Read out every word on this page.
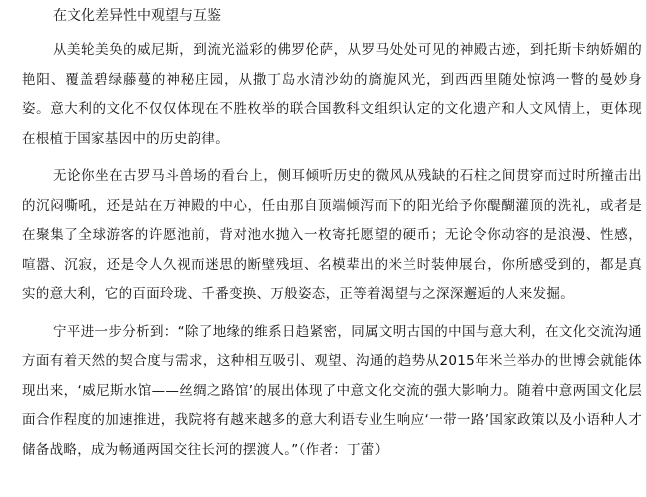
在文化差异性中观望与互鉴

从美轮美奂的威尼斯，到流光溢彩的佛罗伦萨，从罗马处处可见的神殿古迹，到托斯卡纳娇媚的艳阳、覆盖碧绿藤蔓的神秘庄园，从撒丁岛水清沙幼的旖旎风光，到西西里随处惊鸿一瞥的曼妙身姿。意大利的文化不仅仅体现在不胜枚举的联合国教科文组织认定的文化遗产和人文风情上，更体现在根植于国家基因中的历史韵律。

无论你坐在古罗马斗兽场的看台上，侧耳倾听历史的微风从残缺的石柱之间贯穿而过时所撞击出的沉闷嘶吼，还是站在万神殿的中心，任由那自顶端倾泻而下的阳光给予你醍醐灌顶的洗礼，或者是在聚集了全球游客的许愿池前，背对池水抛入一枚寄托愿望的硬币；无论令你动容的是浪漫、性感，喧嚣、沉寂，还是令人久视而迷思的断壁残垣、名模辈出的米兰时装伸展台，你所感受到的，都是真实的意大利，它的百面玲珑、千番变换、万般姿态，正等着渴望与之深深邂逅的人来发掘。

宁平进一步分析到：“除了地缘的维系日趋紧密，同属文明古国的中国与意大利，在文化交流沟通方面有着天然的契合度与需求，这种相互吸引、观望、沟通的趋势从2015年米兰举办的世博会就能体现出来，‘威尼斯水馆——丝绸之路馆’的展出体现了中意文化交流的强大影响力。随着中意两国文化层面合作程度的加速推进，我院将有越来越多的意大利语专业生响应‘一带一路’国家政策以及小语种人才储备战略，成为畅通两国交往长河的摆渡人。”（作者：丁蕾）
